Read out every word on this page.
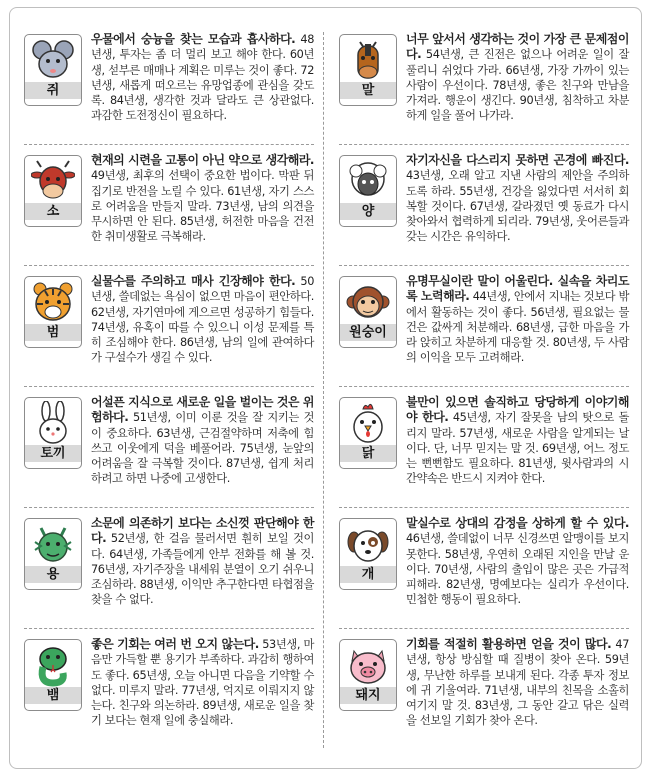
쥐
우물에서 숭늉을 찾는 모습과 흡사하다. 48년생, 투자는 좀 더 멀리 보고 해야 한다. 60년생, 섣부른 매매나 계획은 미루는 것이 좋다. 72년생, 새롭게 떠오르는 유망업종에 관심을 갖도록. 84년생, 생각한 것과 달라도 큰 상관없다. 과감한 도전정신이 필요하다.
소
현재의 시련을 고통이 아닌 약으로 생각해라. 49년생, 최후의 선택이 중요한 법이다. 막판 뒤집기로 반전을 노릴 수 있다. 61년생, 자기 스스로 어려움을 만들지 말라. 73년생, 남의 의견을 무시하면 안 된다. 85년생, 허전한 마음을 건전한 취미생활로 극복해라.
범
실물수를 주의하고 매사 긴장해야 한다. 50년생, 쓸데없는 욕심이 없으면 마음이 편안하다. 62년생, 자기연마에 게으르면 성공하기 힘들다. 74년생, 유혹이 따를 수 있으니 이성 문제를 특히 조심해야 한다. 86년생, 남의 일에 관여하다가 구설수가 생길 수 있다.
토끼
어설픈 지식으로 새로운 일을 벌이는 것은 위험하다. 51년생, 이미 이룬 것을 잘 지키는 것이 중요하다. 63년생, 근검절약하며 저축에 힘쓰고 이웃에게 덕을 베풀어라. 75년생, 눈앞의 어려움을 잘 극복할 것이다. 87년생, 쉽게 처리하려고 하면 나중에 고생한다.
용
소문에 의존하기 보다는 소신껏 판단해야 한다. 52년생, 한 걸음 물러서면 훤히 보일 것이다. 64년생, 가족들에게 안부 전화를 해 볼 것. 76년생, 자기주장을 내세워 분열이 오기 쉬우니 조심하라. 88년생, 이익만 추구한다면 타협점을 찾을 수 없다.
뱀
좋은 기회는 여러 번 오지 않는다. 53년생, 마음만 가득할 뿐 용기가 부족하다. 과감히 행하여도 좋다. 65년생, 오늘 아니면 다음을 기약할 수 없다. 미루지 말라. 77년생, 억지로 이뤄지지 않는다. 친구와 의논하라. 89년생, 새로운 일을 찾기 보다는 현재 일에 충실해라.
말
너무 앞서서 생각하는 것이 가장 큰 문제점이다. 54년생, 큰 진전은 없으나 어려운 일이 잘 풀리니 쉬었다 가라. 66년생, 가장 가까이 있는 사람이 우선이다. 78년생, 좋은 친구와 만남을 가져라. 행운이 생긴다. 90년생, 침착하고 차분하게 일을 풀어 나가라.
양
자기자신을 다스리지 못하면 곤경에 빠진다. 43년생, 오래 알고 지낸 사람의 제안을 주의하도록 하라. 55년생, 건강을 잃었다면 서서히 회복할 것이다. 67년생, 갈라졌던 옛 동료가 다시 찾아와서 협력하게 되리라. 79년생, 웃어른들과 갖는 시간은 유익하다.
원숭이
유명무실이란 말이 어울린다. 실속을 차리도록 노력해라. 44년생, 안에서 지내는 것보다 밖에서 활동하는 것이 좋다. 56년생, 필요없는 물건은 값싸게 처분해라. 68년생, 급한 마음을 가라 앉히고 차분하게 대응할 것. 80년생, 두 사람의 이익을 모두 고려해라.
닭
불만이 있으면 솔직하고 당당하게 이야기해야 한다. 45년생, 자기 잘못을 남의 탓으로 돌리지 말라. 57년생, 새로운 사람을 알게되는 날이다. 단, 너무 믿지는 말 것. 69년생, 어느 정도는 뻔뻔함도 필요하다. 81년생, 윗사람과의 시간약속은 반드시 지켜야 한다.
개
말실수로 상대의 감정을 상하게 할 수 있다. 46년생, 쓸데없이 너무 신경쓰면 알맹이를 보지 못한다. 58년생, 우연히 오래된 지인을 만날 운이다. 70년생, 사람의 출입이 많은 곳은 가급적 피해라. 82년생, 명예보다는 실리가 우선이다. 민첩한 행동이 필요하다.
돼지
기회를 적절히 활용하면 얻을 것이 많다. 47년생, 항상 방심할 때 질병이 찾아 온다. 59년생, 무난한 하루를 보내게 된다. 각종 투자 정보에 귀 기울여라. 71년생, 내부의 친목을 소홀히 여기지 말 것. 83년생, 그 동안 갈고 닦은 실력을 선보일 기회가 찾아 온다.
